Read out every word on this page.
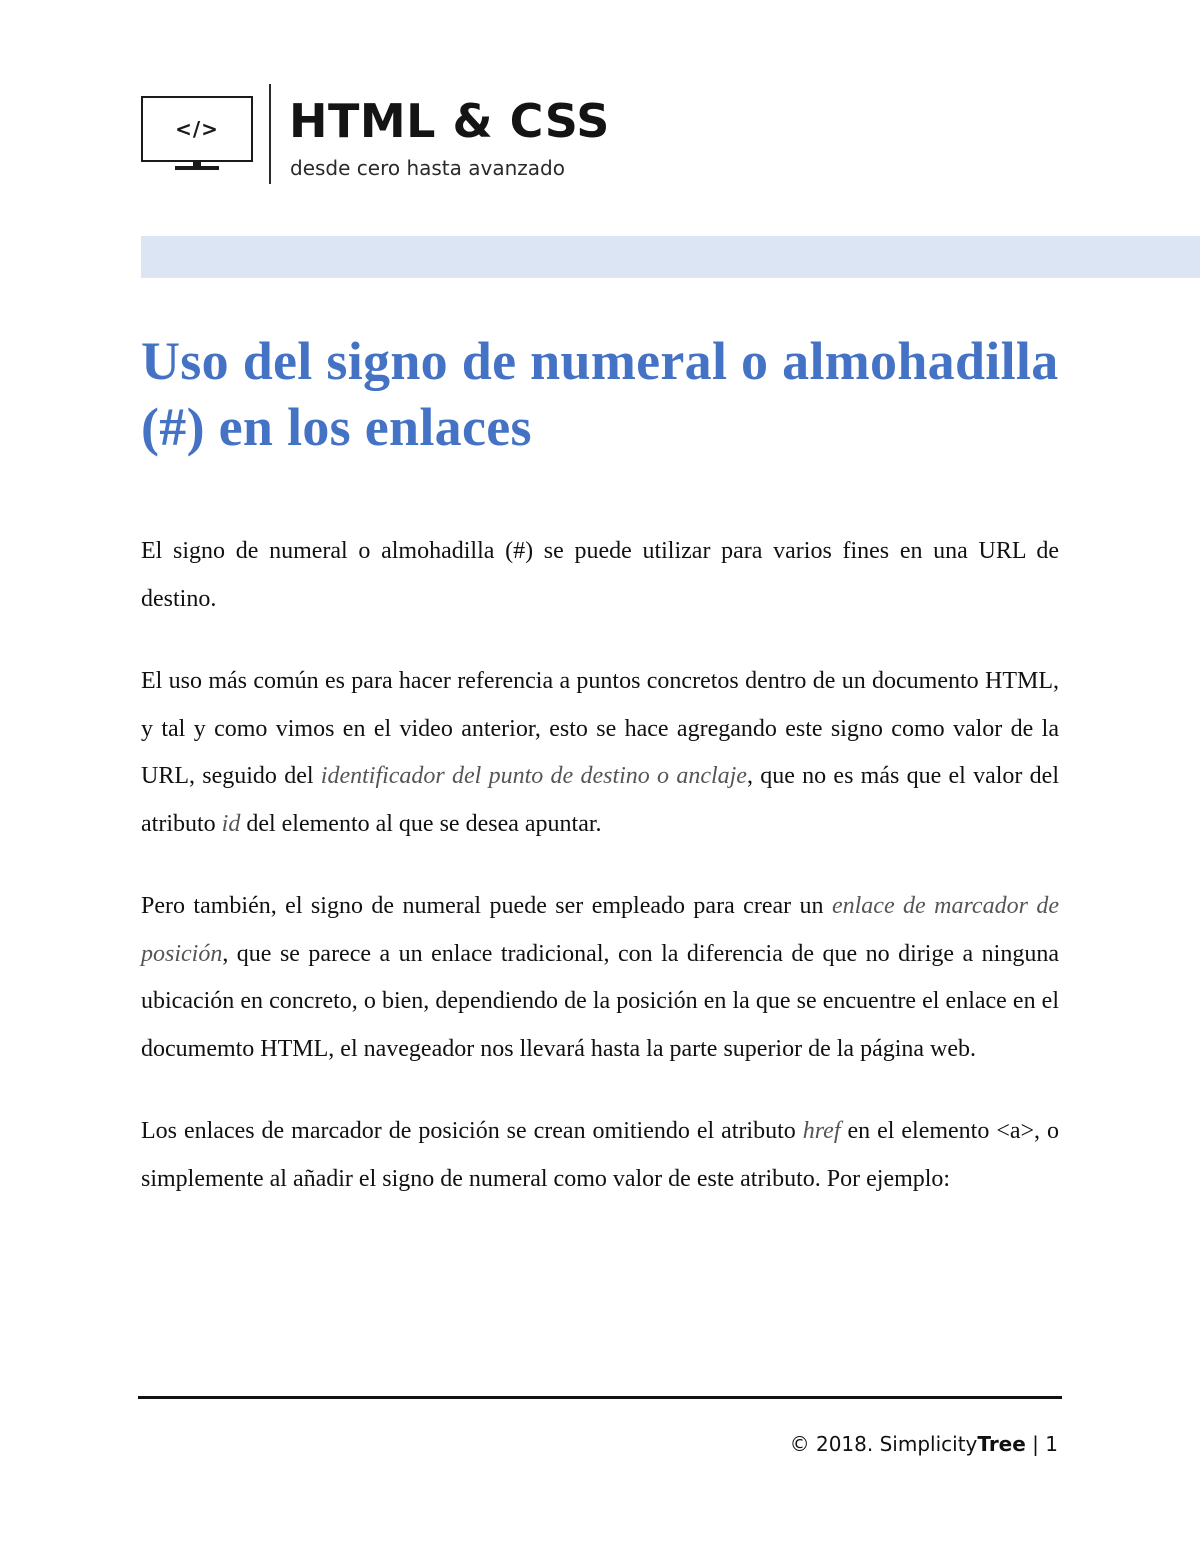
</>	HTML & CSS
desde cero hasta avanzado
Uso del signo de numeral o almohadilla (#) en los enlaces

El signo de numeral o almohadilla (#) se puede utilizar para varios fines en una URL de destino.

El uso más común es para hacer referencia a puntos concretos dentro de un documento HTML, y tal y como vimos en el video anterior, esto se hace agregando este signo como valor de la URL, seguido del identificador del punto de destino o anclaje, que no es más que el valor del atributo id del elemento al que se desea apuntar.

Pero también, el signo de numeral puede ser empleado para crear un enlace de marcador de posición, que se parece a un enlace tradicional, con la diferencia de que no dirige a ninguna ubicación en concreto, o bien, dependiendo de la posición en la que se encuentre el enlace en el documemto HTML, el navegeador nos llevará hasta la parte superior de la página web.

Los enlaces de marcador de posición se crean omitiendo el atributo href en el elemento <a>, o simplemente al añadir el signo de numeral como valor de este atributo. Por ejemplo:

© 2018. SimplicityTree | 1
